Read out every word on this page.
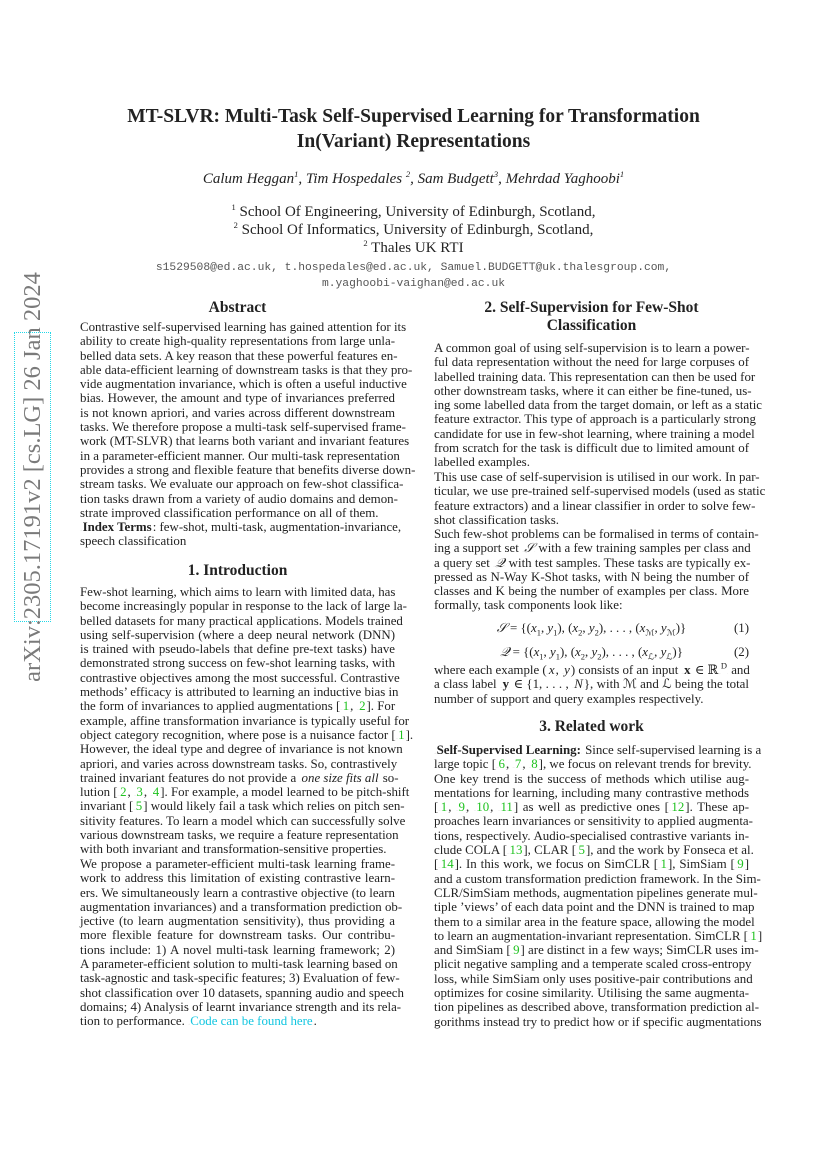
arXiv:2305.17191v2 [cs.LG] 26 Jan 2024
MT-SLVR: Multi-Task Self-Supervised Learning for Transformation
In(Variant) Representations
Calum Heggan$^1$, Tim Hospedales $^2$, Sam Budgett$^3$, Mehrdad Yaghoobi$^1$
$^1$ School Of Engineering, University of Edinburgh, Scotland,
$^2$ School Of Informatics, University of Edinburgh, Scotland,
$^2$ Thales UK RTI
s1529508@ed.ac.uk, t.hospedales@ed.ac.uk, Samuel.BUDGETT@uk.thalesgroup.com,
m.yaghoobi-vaighan@ed.ac.uk
Abstract
Contrastive self-supervised learning has gained attention for its
ability to create high-quality representations from large unla-
belled data sets. A key reason that these powerful features en-
able data-efficient learning of downstream tasks is that they pro-
vide augmentation invariance, which is often a useful inductive
bias. However, the amount and type of invariances preferred
is not known apriori, and varies across different downstream
tasks. We therefore propose a multi-task self-supervised frame-
work (MT-SLVR) that learns both variant and invariant features
in a parameter-efficient manner. Our multi-task representation
provides a strong and flexible feature that benefits diverse down-
stream tasks. We evaluate our approach on few-shot classifica-
tion tasks drawn from a variety of audio domains and demon-
strate improved classification performance on all of them.
«b:Index Terms»: few-shot, multi-task, augmentation-invariance,
speech classification
1. Introduction
Few-shot learning, which aims to learn with limited data, has
become increasingly popular in response to the lack of large la-
belled datasets for many practical applications. Models trained
using self-supervision (where a deep neural network (DNN)
is trained with pseudo-labels that define pre-text tasks) have
demonstrated strong success on few-shot learning tasks, with
contrastive objectives among the most successful. Contrastive
methods’ efficacy is attributed to learning an inductive bias in
the form of invariances to applied augmentations [«c:1», «c:2»]. For
example, affine transformation invariance is typically useful for
object category recognition, where pose is a nuisance factor [«c:1»].
However, the ideal type and degree of invariance is not known
apriori, and varies across downstream tasks. So, contrastively
trained invariant features do not provide a «i:one size fits all» so-
lution [«c:2», «c:3», «c:4»]. For example, a model learned to be pitch-shift
invariant [«c:5»] would likely fail a task which relies on pitch sen-
sitivity features. To learn a model which can successfully solve
various downstream tasks, we require a feature representation
with both invariant and transformation-sensitive properties.
We propose a parameter-efficient multi-task learning frame-
work to address this limitation of existing contrastive learn-
ers. We simultaneously learn a contrastive objective (to learn
augmentation invariances) and a transformation prediction ob-
jective (to learn augmentation sensitivity), thus providing a
more flexible feature for downstream tasks. Our contribu-
tions include: 1) A novel multi-task learning framework; 2)
A parameter-efficient solution to multi-task learning based on
task-agnostic and task-specific features; 3) Evaluation of few-
shot classification over 10 datasets, spanning audio and speech
domains; 4) Analysis of learnt invariance strength and its rela-
tion to performance. «l:Code can be found here».
2. Self-Supervision for Few-Shot
Classification
A common goal of using self-supervision is to learn a power-
ful data representation without the need for large corpuses of
labelled training data. This representation can then be used for
other downstream tasks, where it can either be fine-tuned, us-
ing some labelled data from the target domain, or left as a static
feature extractor. This type of approach is a particularly strong
candidate for use in few-shot learning, where training a model
from scratch for the task is difficult due to limited amount of
labelled examples.
This use case of self-supervision is utilised in our work. In par-
ticular, we use pre-trained self-supervised models (used as static
feature extractors) and a linear classifier in order to solve few-
shot classification tasks.
Such few-shot problems can be formalised in terms of contain-
ing a support set «i:𝒮» with a few training samples per class and
a query set «i:𝒬» with test samples. These tasks are typically ex-
pressed as N-Way K-Shot tasks, with N being the number of
classes and K being the number of examples per class. More
formally, task components look like:
𝒮 = {($x_1$, $y_1$), ($x_2$, $y_2$), . . . , ($x_ℳ$, $y_ℳ$)}	(1)
𝒬 = {($x_1$, $y_1$), ($x_2$, $y_2$), . . . , ($x_ℒ$, $y_ℒ$)}	(2)
where each example («i:x», «i:y») consists of an input «b:x» ∈ ℝ«p:$^D$» and
a class label «b:y» ∈ {1, . . . , «i:N»}, with ℳ and ℒ being the total
number of support and query examples respectively.
3. Related work
«b:Self-Supervised Learning:» Since self-supervised learning is a
large topic [«c:6», «c:7», «c:8»], we focus on relevant trends for brevity.
One key trend is the success of methods which utilise aug-
mentations for learning, including many contrastive methods
[«c:1», «c:9», «c:10», «c:11»] as well as predictive ones [«c:12»]. These ap-
proaches learn invariances or sensitivity to applied augmenta-
tions, respectively. Audio-specialised contrastive variants in-
clude COLA [«c:13»], CLAR [«c:5»], and the work by Fonseca et al.
[«c:14»]. In this work, we focus on SimCLR [«c:1»], SimSiam [«c:9»]
and a custom transformation prediction framework. In the Sim-
CLR/SimSiam methods, augmentation pipelines generate mul-
tiple ’views’ of each data point and the DNN is trained to map
them to a similar area in the feature space, allowing the model
to learn an augmentation-invariant representation. SimCLR [«c:1»]
and SimSiam [«c:9»] are distinct in a few ways; SimCLR uses im-
plicit negative sampling and a temperate scaled cross-entropy
loss, while SimSiam only uses positive-pair contributions and
optimizes for cosine similarity. Utilising the same augmenta-
tion pipelines as described above, transformation prediction al-
gorithms instead try to predict how or if specific augmentations
